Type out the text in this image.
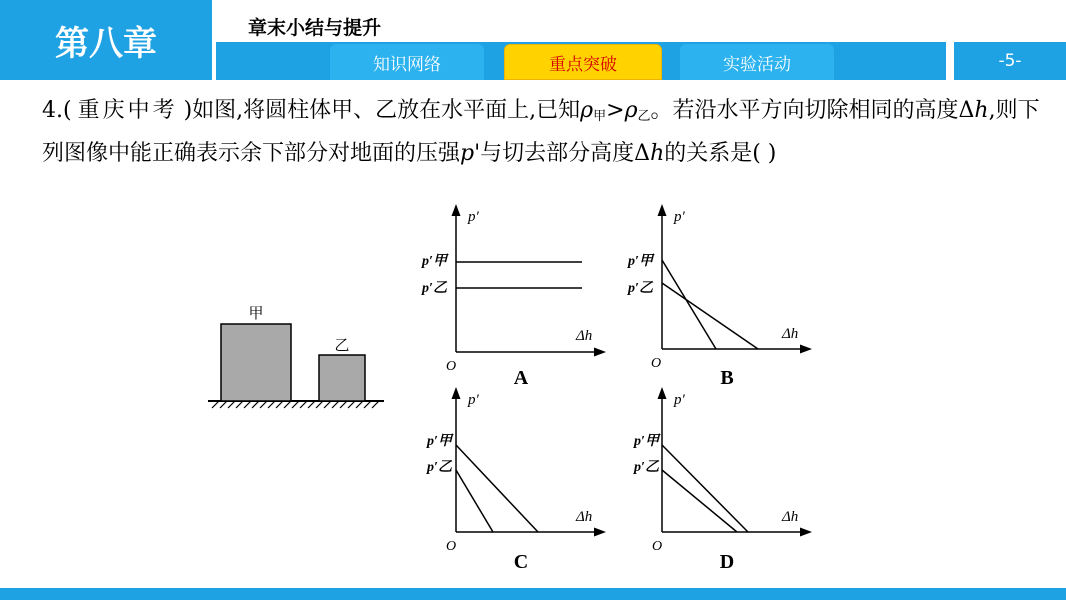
第八章	章末小结与提升
知识网络	重点突破	实验活动	-5-
4.( 重庆中考 )如图,将圆柱体甲、乙放在水平面上,已知$\rho_甲>\rho_乙$。若沿水平方向切除相同的高度Δh,则下列图像中能正确表示余下部分对地面的压强p'与切去部分高度Δh的关系是( )
甲
乙
p′
Δh
O
p′甲
p′乙
A
p′
Δh
O
p′甲
p′乙
B
p′
Δh
O
p′甲
p′乙
C
p′
Δh
O
p′甲
p′乙
D
